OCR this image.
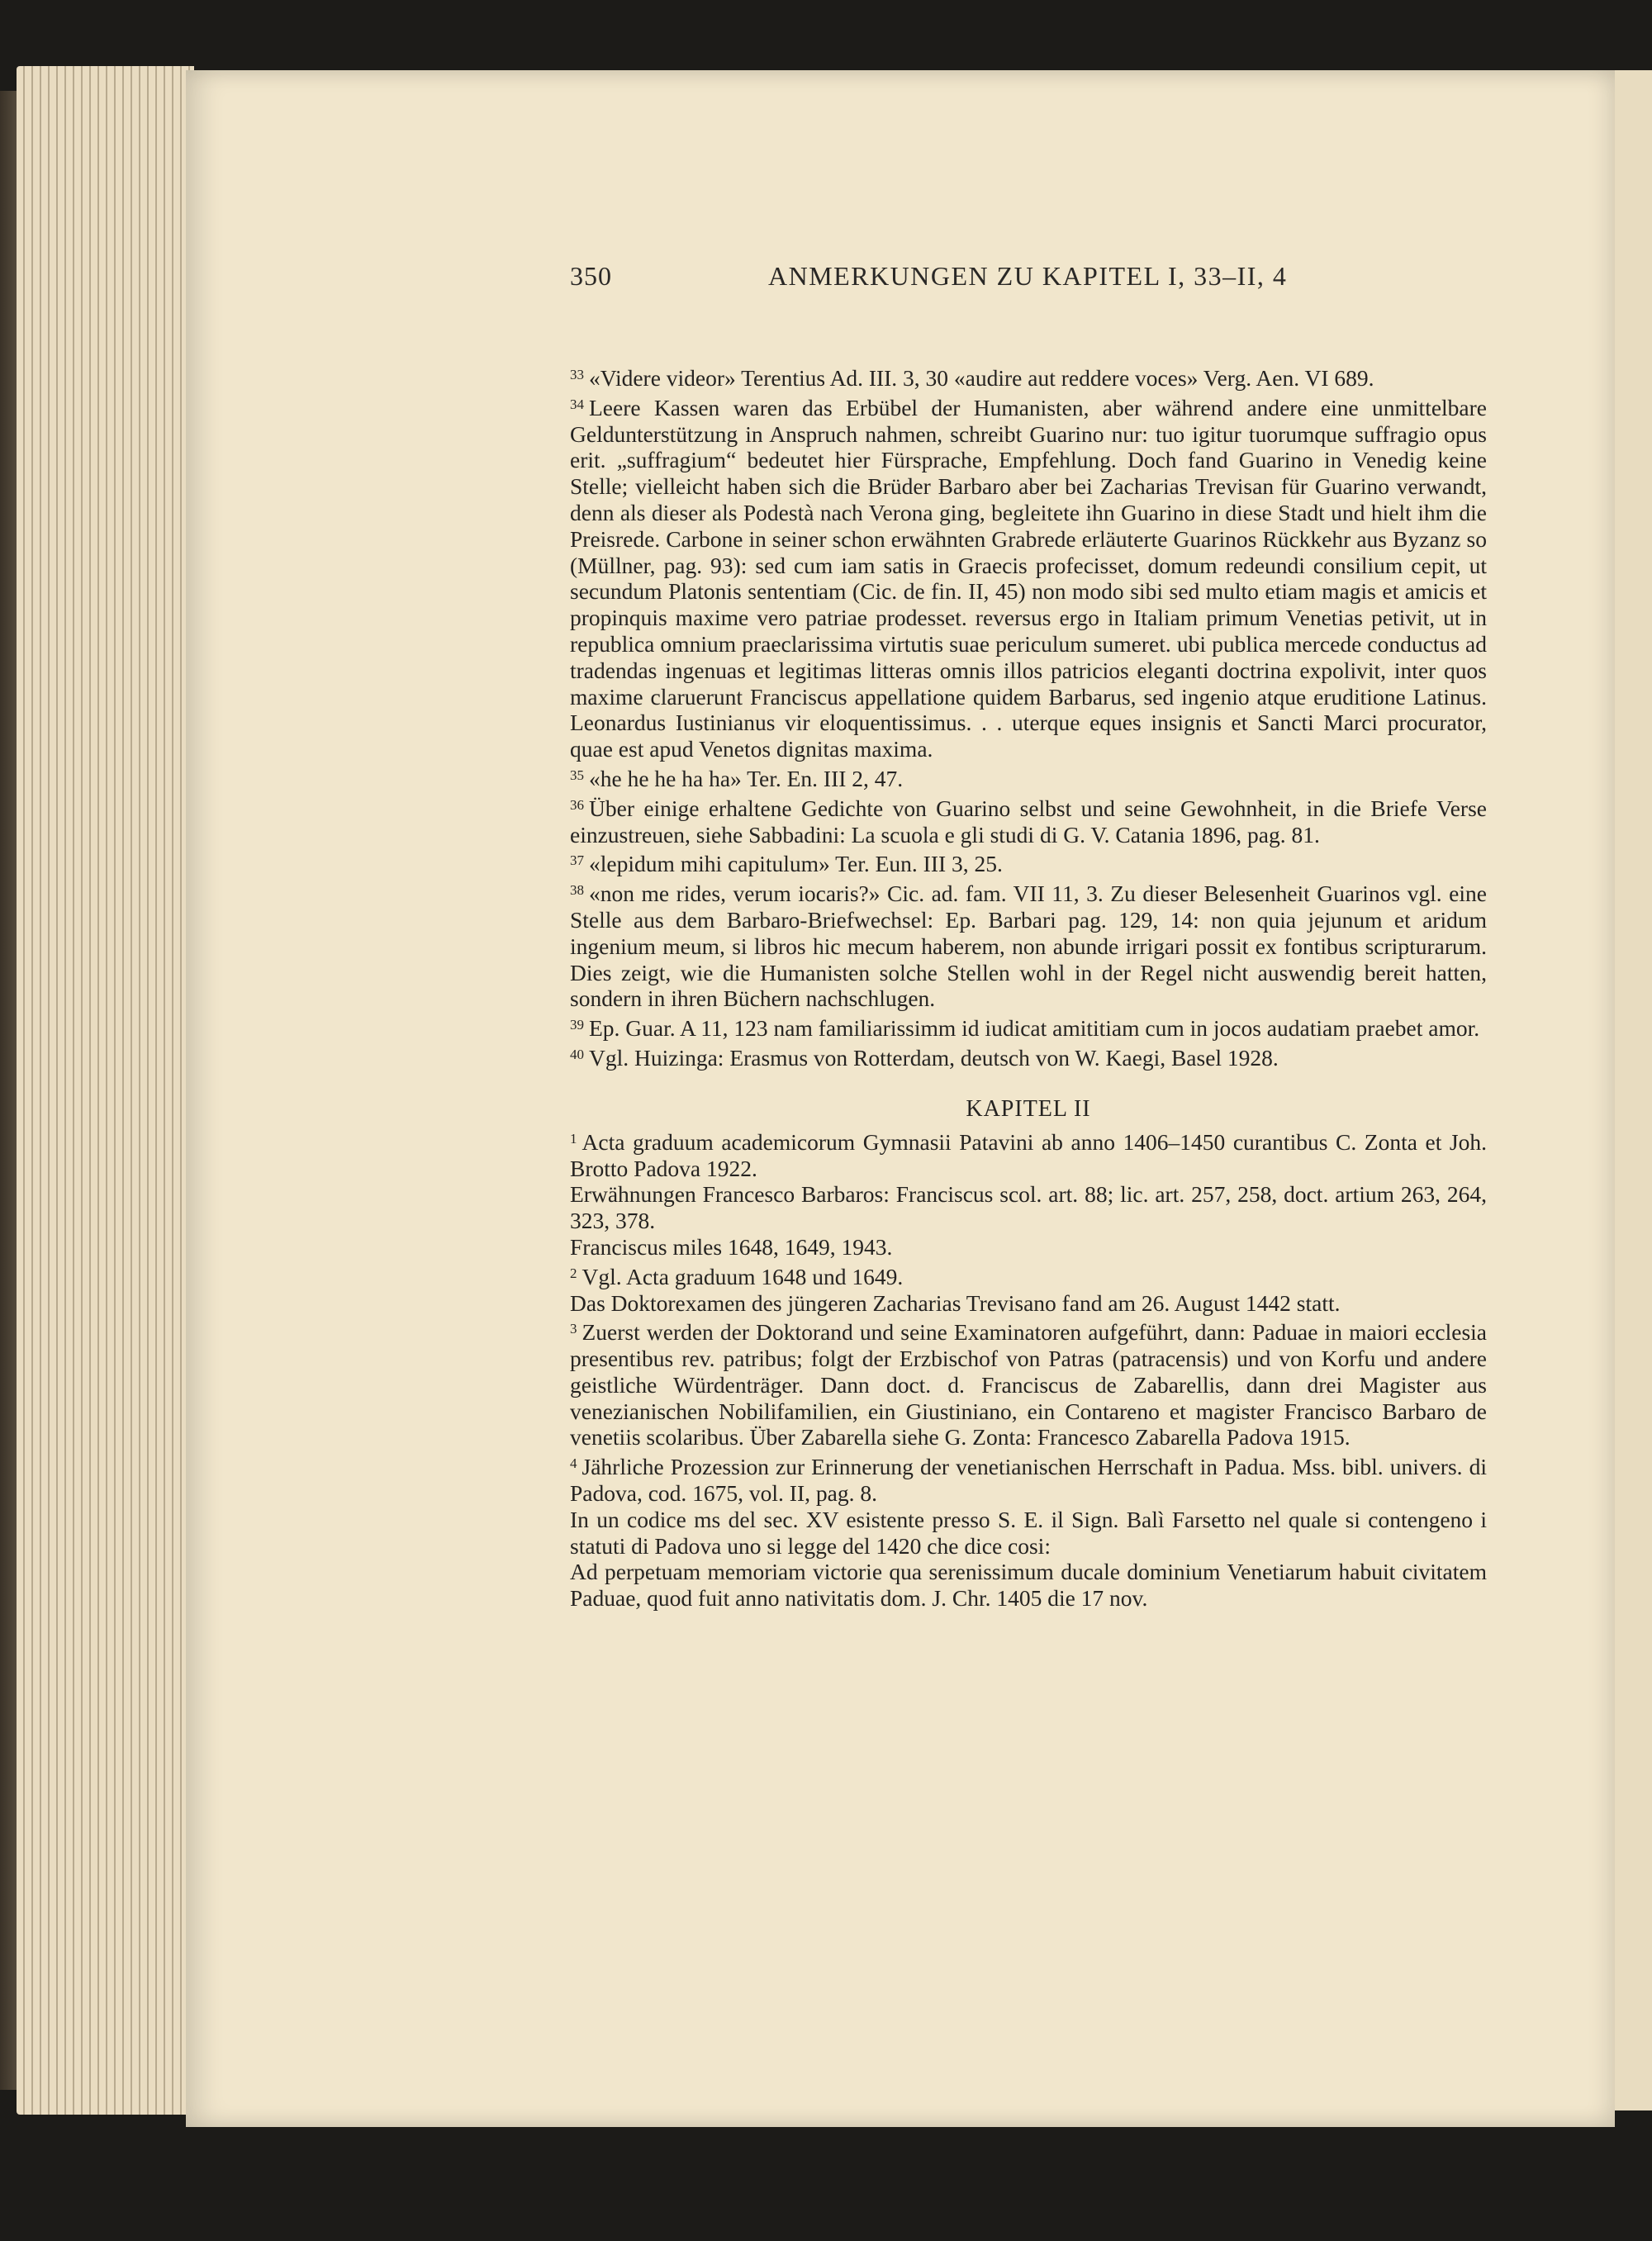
350	ANMERKUNGEN ZU KAPITEL I, 33–II, 4

$^{33}$ «Videre videor» Terentius Ad. III. 3, 30 «audire aut reddere voces» Verg. Aen. VI 689.

$^{34}$ Leere Kassen waren das Erbübel der Humanisten, aber während andere eine unmittelbare Geldunterstützung in Anspruch nahmen, schreibt Guarino nur: tuo igitur tuorumque suffragio opus erit. „suffragium“ bedeutet hier Fürsprache, Empfehlung. Doch fand Guarino in Venedig keine Stelle; vielleicht haben sich die Brüder Barbaro aber bei Zacharias Trevisan für Guarino verwandt, denn als dieser als Podestà nach Verona ging, begleitete ihn Guarino in diese Stadt und hielt ihm die Preisrede. Carbone in seiner schon erwähnten Grabrede erläuterte Guarinos Rückkehr aus Byzanz so (Müllner, pag. 93): sed cum iam satis in Graecis profecisset, domum redeundi consilium cepit, ut secundum Platonis sententiam (Cic. de fin. II, 45) non modo sibi sed multo etiam magis et amicis et propinquis maxime vero patriae prodesset. reversus ergo in Italiam primum Venetias petivit, ut in republica omnium praeclarissima virtutis suae periculum sumeret. ubi publica mercede conductus ad tradendas ingenuas et legitimas litteras omnis illos patricios eleganti doctrina expolivit, inter quos maxime claruerunt Franciscus appellatione quidem Barbarus, sed ingenio atque eruditione Latinus. Leonardus Iustinianus vir eloquentissimus. . . uterque eques insignis et Sancti Marci procurator, quae est apud Venetos dignitas maxima.

$^{35}$ «he he he ha ha» Ter. En. III 2, 47.

$^{36}$ Über einige erhaltene Gedichte von Guarino selbst und seine Gewohnheit, in die Briefe Verse einzustreuen, siehe Sabbadini: La scuola e gli studi di G. V. Catania 1896, pag. 81.

$^{37}$ «lepidum mihi capitulum» Ter. Eun. III 3, 25.

$^{38}$ «non me rides, verum iocaris?» Cic. ad. fam. VII 11, 3. Zu dieser Belesenheit Guarinos vgl. eine Stelle aus dem Barbaro-Briefwechsel: Ep. Barbari pag. 129, 14: non quia jejunum et aridum ingenium meum, si libros hic mecum haberem, non abunde irrigari possit ex fontibus scripturarum. Dies zeigt, wie die Humanisten solche Stellen wohl in der Regel nicht auswendig bereit hatten, sondern in ihren Büchern nachschlugen.

$^{39}$ Ep. Guar. A 11, 123 nam familiarissimm id iudicat amititiam cum in jocos audatiam praebet amor.

$^{40}$ Vgl. Huizinga: Erasmus von Rotterdam, deutsch von W. Kaegi, Basel 1928.

KAPITEL II

$^1$ Acta graduum academicorum Gymnasii Patavini ab anno 1406–1450 curantibus C. Zonta et Joh. Brotto Padova 1922.

Erwähnungen Francesco Barbaros: Franciscus scol. art. 88; lic. art. 257, 258, doct. artium 263, 264, 323, 378.

Franciscus miles 1648, 1649, 1943.

$^2$ Vgl. Acta graduum 1648 und 1649.

Das Doktorexamen des jüngeren Zacharias Trevisano fand am 26. August 1442 statt.

$^3$ Zuerst werden der Doktorand und seine Examinatoren aufgeführt, dann: Paduae in maiori ecclesia presentibus rev. patribus; folgt der Erzbischof von Patras (patracensis) und von Korfu und andere geistliche Würdenträger. Dann doct. d. Franciscus de Zabarellis, dann drei Magister aus venezianischen Nobilifamilien, ein Giustiniano, ein Contareno et magister Francisco Barbaro de venetiis scolaribus. Über Zabarella siehe G. Zonta: Francesco Zabarella Padova 1915.

$^4$ Jährliche Prozession zur Erinnerung der venetianischen Herrschaft in Padua. Mss. bibl. univers. di Padova, cod. 1675, vol. II, pag. 8.

In un codice ms del sec. XV esistente presso S. E. il Sign. Balì Farsetto nel quale si contengeno i statuti di Padova uno si legge del 1420 che dice cosi:

Ad perpetuam memoriam victorie qua serenissimum ducale dominium Venetiarum habuit civitatem Paduae, quod fuit anno nativitatis dom. J. Chr. 1405 die 17 nov.
